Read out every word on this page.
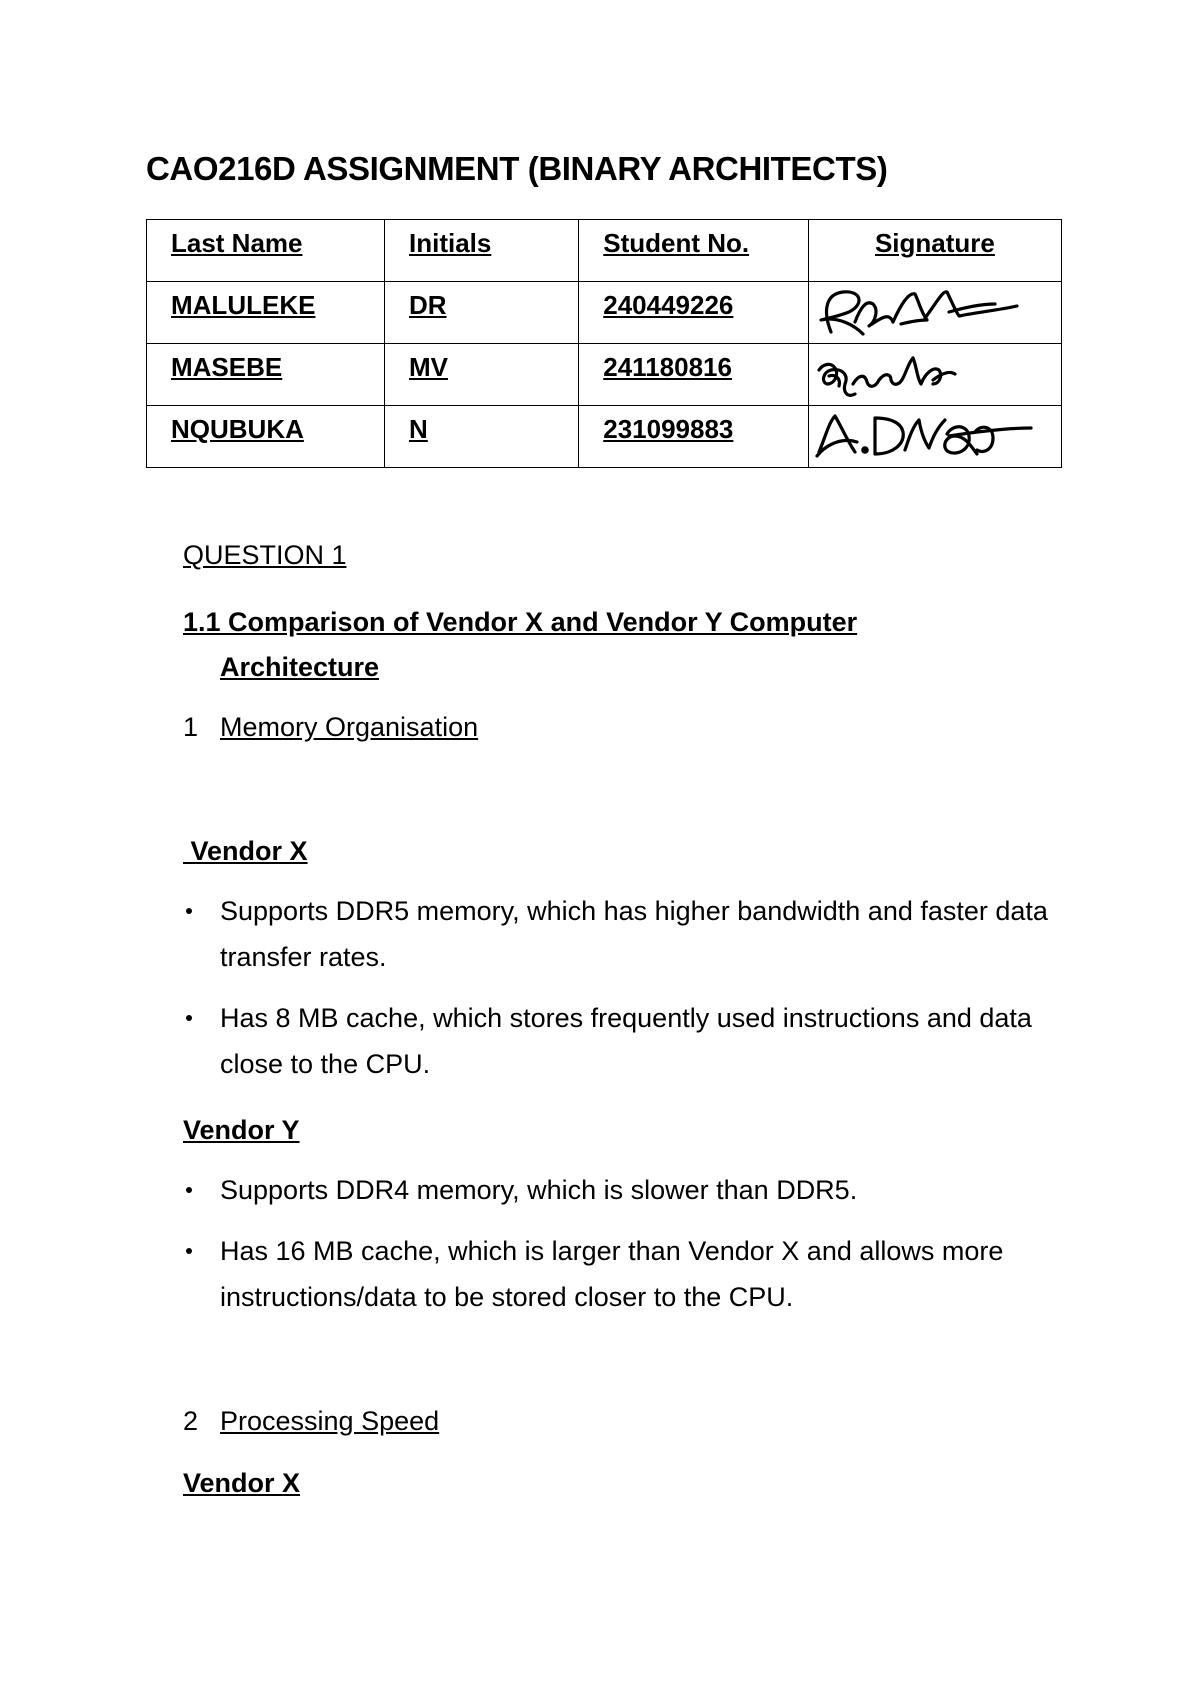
CAO216D ASSIGNMENT (BINARY ARCHITECTS)
Last Name	Initials	Student No.	Signature
MALULEKE	DR	240449226	

MASEBE	MV	241180816	

NQUBUKA	N	231099883	

QUESTION 1

1.1 Comparison of Vendor X and Vendor Y Computer
Architecture

1 Memory Organisation

Vendor X

Supports DDR5 memory, which has higher bandwidth and faster data transfer rates.
Has 8 MB cache, which stores frequently used instructions and data close to the CPU.

Vendor Y

Supports DDR4 memory, which is slower than DDR5.
Has 16 MB cache, which is larger than Vendor X and allows more instructions/data to be stored closer to the CPU.

2 Processing Speed

Vendor X
